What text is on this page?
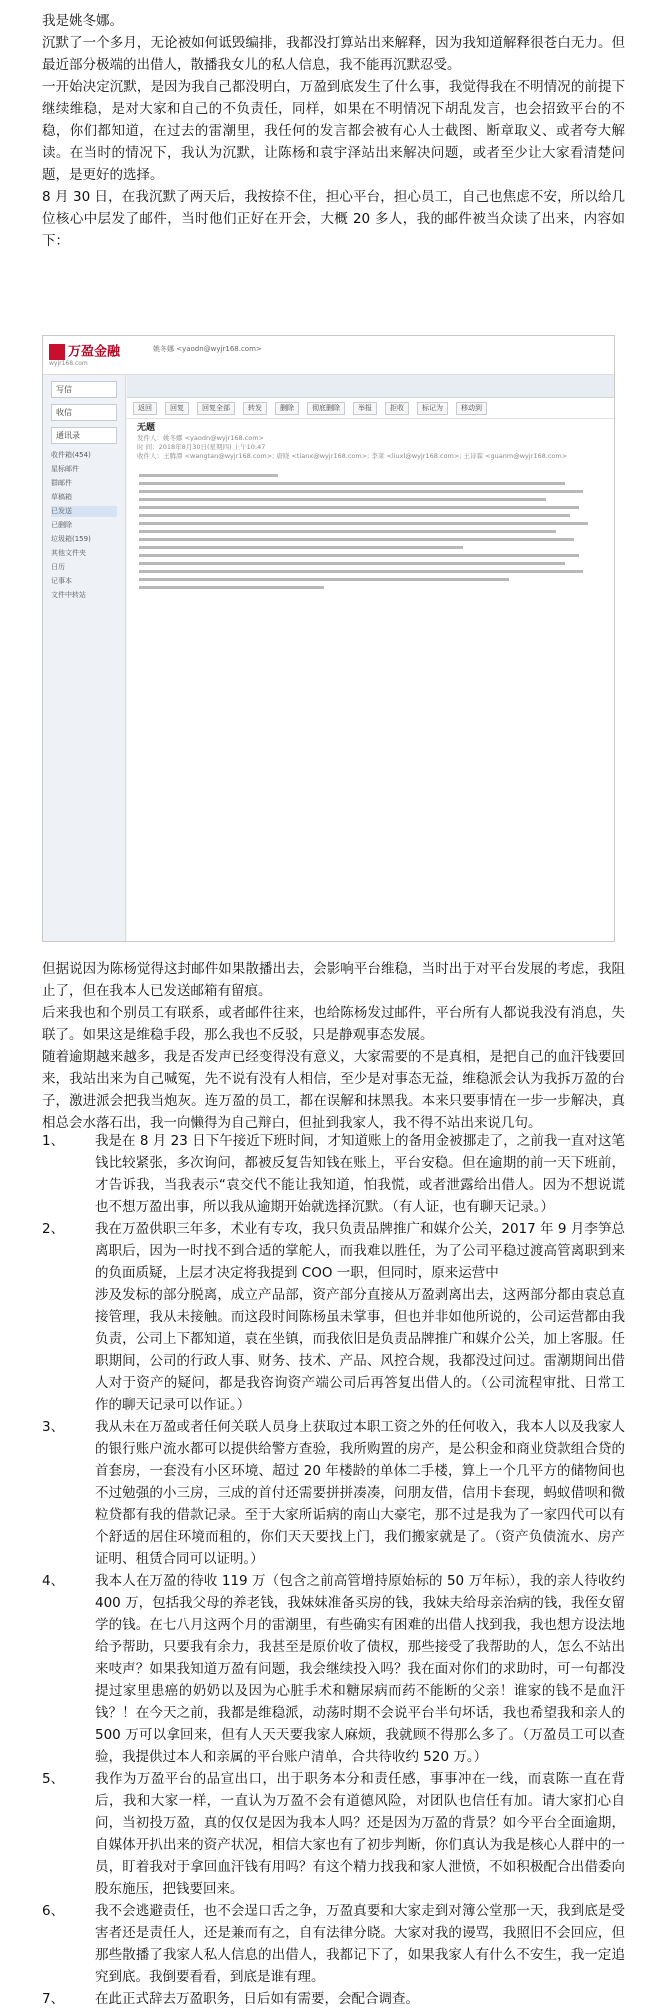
我是姚冬娜。

沉默了一个多月，无论被如何诋毁编排，我都没打算站出来解释，因为我知道解释很苍白无力。但最近部分极端的出借人，散播我女儿的私人信息，我不能再沉默忍受。

一开始决定沉默，是因为我自己都没明白，万盈到底发生了什么事，我觉得我在不明情况的前提下继续维稳，是对大家和自己的不负责任，同样，如果在不明情况下胡乱发言，也会招致平台的不稳，你们都知道，在过去的雷潮里，我任何的发言都会被有心人士截图、断章取义、或者夸大解读。在当时的情况下，我认为沉默，让陈杨和袁宇泽站出来解决问题，或者至少让大家看清楚问题，是更好的选择。

8 月 30 日，在我沉默了两天后，我按捺不住，担心平台，担心员工，自己也焦虑不安，所以给几位核心中层发了邮件，当时他们正好在开会，大概 20 多人，我的邮件被当众读了出来，内容如下：

万盈金融
wyjr168.com
姚冬娜 <yaodn@wyjr168.com>
写信
收信
通讯录
收件箱(454)
星标邮件
群邮件
草稿箱
已发送
已删除
垃圾箱(159)
其他文件夹
日历
记事本
文件中转站
返回	回复	回复全部	转发	删除	彻底删除	举报	拒收	标记为	移动到
无题
发件人：姚冬娜 <yaodn@wyjr168.com>
时 间：2018年8月30日(星期四) 上午10:47
收件人：王腾潭 <wangtan@wyjr168.com>; 唐晓 <tianx@wyjr168.com>; 李莱 <liuxl@wyjr168.com>; 王诗霖 <guanm@wyjr168.com>

但据说因为陈杨觉得这封邮件如果散播出去，会影响平台维稳，当时出于对平台发展的考虑，我阻止了，但在我本人已发送邮箱有留痕。

后来我也和个别员工有联系，或者邮件往来，也给陈杨发过邮件，平台所有人都说我没有消息，失联了。如果这是维稳手段，那么我也不反驳，只是静观事态发展。

随着逾期越来越多，我是否发声已经变得没有意义，大家需要的不是真相，是把自己的血汗钱要回来，我站出来为自己喊冤，先不说有没有人相信，至少是对事态无益，维稳派会认为我拆万盈的台子，激进派会把我当炮灰。连万盈的员工，都在误解和抹黑我。本来只要事情在一步一步解决，真相总会水落石出，我一向懒得为自己辩白，但扯到我家人，我不得不站出来说几句。

1、 我是在 8 月 23 日下午接近下班时间，才知道账上的备用金被挪走了，之前我一直对这笔钱比较紧张，多次询问，都被反复告知钱在账上，平台安稳。但在逾期的前一天下班前，才告诉我，当我表示“袁交代不能让我知道，怕我慌，或者泄露给出借人。因为不想说谎也不想万盈出事，所以我从逾期开始就选择沉默。（有人证，也有聊天记录。）
2、 我在万盈供职三年多，术业有专攻，我只负责品牌推广和媒介公关，2017 年 9 月李笋总离职后，因为一时找不到合适的掌舵人，而我难以胜任，为了公司平稳过渡高管离职到来的负面质疑，上层才决定将我提到 COO 一职，但同时，原来运营中
涉及发标的部分脱离，成立产品部，资产部分直接从万盈剥离出去，这两部分都由袁总直接管理，我从未接触。而这段时间陈杨虽未掌事，但也并非如他所说的，公司运营都由我负责，公司上下都知道，袁在坐镇，而我依旧是负责品牌推广和媒介公关，加上客服。任职期间，公司的行政人事、财务、技术、产品、风控合规，我都没过问过。雷潮期间出借人对于资产的疑问，都是我咨询资产端公司后再答复出借人的。（公司流程审批、日常工作的聊天记录可以作证。）
3、 我从未在万盈或者任何关联人员身上获取过本职工资之外的任何收入，我本人以及我家人的银行账户流水都可以提供给警方查验，我所购置的房产，是公积金和商业贷款组合贷的首套房，一套没有小区环境、超过 20 年楼龄的单体二手楼，算上一个几平方的储物间也不过勉强的小三房，三成的首付还需要拼拼凑凑，问朋友借，信用卡套现，蚂蚁借呗和微粒贷都有我的借款记录。至于大家所诟病的南山大豪宅，那不过是我为了一家四代可以有个舒适的居住环境而租的，你们天天要找上门，我们搬家就是了。（资产负债流水、房产证明、租赁合同可以证明。）
4、 我本人在万盈的待收 119 万（包含之前高管增持原始标的 50 万年标），我的亲人待收约 400 万，包括我父母的养老钱，我妹妹准备买房的钱，我妹夫给母亲治病的钱，我侄女留学的钱。在七八月这两个月的雷潮里，有些确实有困难的出借人找到我，我也想方设法地给予帮助，只要我有余力，我甚至是原价收了债权，那些接受了我帮助的人，怎么不站出来吱声？如果我知道万盈有问题，我会继续投入吗？我在面对你们的求助时，可一句都没提过家里患癌的奶奶以及因为心脏手术和糖尿病而药不能断的父亲！谁家的钱不是血汗钱？！在今天之前，我都是维稳派，动荡时期不会说平台半句坏话，我也希望我和亲人的 500 万可以拿回来，但有人天天要我家人麻烦，我就顾不得那么多了。（万盈员工可以查验，我提供过本人和亲属的平台账户清单，合共待收约 520 万。）
5、 我作为万盈平台的品宣出口，出于职务本分和责任感，事事冲在一线，而袁陈一直在背后，我和大家一样，一直认为万盈不会有道德风险，对团队也信任有加。请大家扪心自问，当初投万盈，真的仅仅是因为我本人吗？还是因为万盈的背景？如今平台全面逾期，自媒体开扒出来的资产状况，相信大家也有了初步判断，你们真认为我是核心人群中的一员，盯着我对于拿回血汗钱有用吗？有这个精力找我和家人泄愤，不如积极配合出借委向股东施压，把钱要回来。
6、 我不会逃避责任，也不会逞口舌之争，万盈真要和大家走到对簿公堂那一天，我到底是受害者还是责任人，还是兼而有之，自有法律分晓。大家对我的谩骂，我照旧不会回应，但那些散播了我家人私人信息的出借人，我都记下了，如果我家人有什么不安生，我一定追究到底。我倒要看看，到底是谁有理。
7、 在此正式辞去万盈职务，日后如有需要，会配合调查。
